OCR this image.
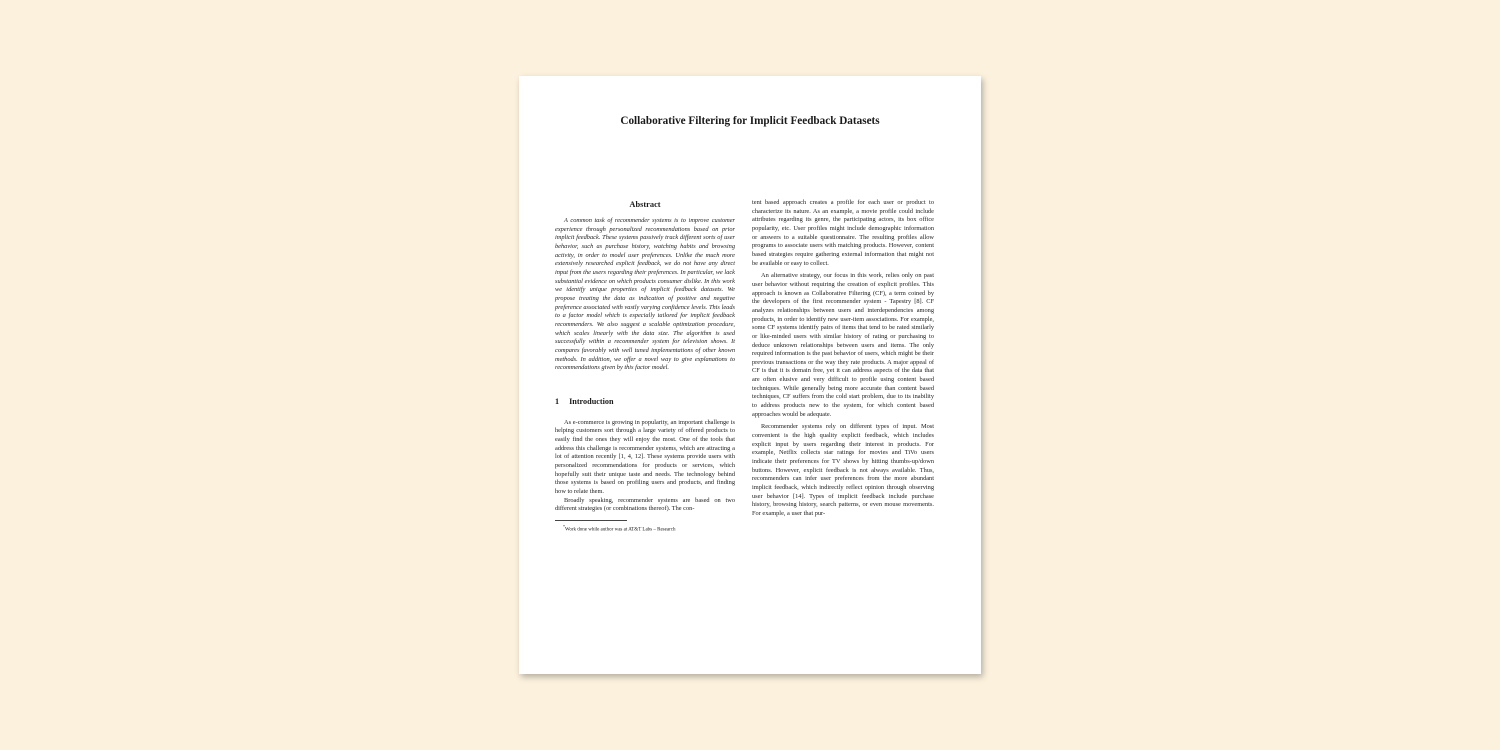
Collaborative Filtering for Implicit Feedback Datasets
Abstract

A common task of recommender systems is to improve customer experience through personalized recommendations based on prior implicit feedback. These systems passively track different sorts of user behavior, such as purchase history, watching habits and browsing activity, in order to model user preferences. Unlike the much more extensively researched explicit feedback, we do not have any direct input from the users regarding their preferences. In particular, we lack substantial evidence on which products consumer dislike. In this work we identify unique properties of implicit feedback datasets. We propose treating the data as indication of positive and negative preference associated with vastly varying confidence levels. This leads to a factor model which is especially tailored for implicit feedback recommenders. We also suggest a scalable optimization procedure, which scales linearly with the data size. The algorithm is used successfully within a recommender system for television shows. It compares favorably with well tuned implementations of other known methods. In addition, we offer a novel way to give explanations to recommendations given by this factor model.

1 Introduction

As e-commerce is growing in popularity, an important challenge is helping customers sort through a large variety of offered products to easily find the ones they will enjoy the most. One of the tools that address this challenge is recommender systems, which are attracting a lot of attention recently [1, 4, 12]. These systems provide users with personalized recommendations for products or services, which hopefully suit their unique taste and needs. The technology behind those systems is based on profiling users and products, and finding how to relate them.

Broadly speaking, recommender systems are based on two different strategies (or combinations thereof). The con-

*Work done while author was at AT&T Labs – Research

tent based approach creates a profile for each user or product to characterize its nature. As an example, a movie profile could include attributes regarding its genre, the participating actors, its box office popularity, etc. User profiles might include demographic information or answers to a suitable questionnaire. The resulting profiles allow programs to associate users with matching products. However, content based strategies require gathering external information that might not be available or easy to collect.

An alternative strategy, our focus in this work, relies only on past user behavior without requiring the creation of explicit profiles. This approach is known as Collaborative Filtering (CF), a term coined by the developers of the first recommender system - Tapestry [8]. CF analyzes relationships between users and interdependencies among products, in order to identify new user-item associations. For example, some CF systems identify pairs of items that tend to be rated similarly or like-minded users with similar history of rating or purchasing to deduce unknown relationships between users and items. The only required information is the past behavior of users, which might be their previous transactions or the way they rate products. A major appeal of CF is that it is domain free, yet it can address aspects of the data that are often elusive and very difficult to profile using content based techniques. While generally being more accurate than content based techniques, CF suffers from the cold start problem, due to its inability to address products new to the system, for which content based approaches would be adequate.

Recommender systems rely on different types of input. Most convenient is the high quality explicit feedback, which includes explicit input by users regarding their interest in products. For example, Netflix collects star ratings for movies and TiVo users indicate their preferences for TV shows by hitting thumbs-up/down buttons. However, explicit feedback is not always available. Thus, recommenders can infer user preferences from the more abundant implicit feedback, which indirectly reflect opinion through observing user behavior [14]. Types of implicit feedback include purchase history, browsing history, search patterns, or even mouse movements. For example, a user that pur-
